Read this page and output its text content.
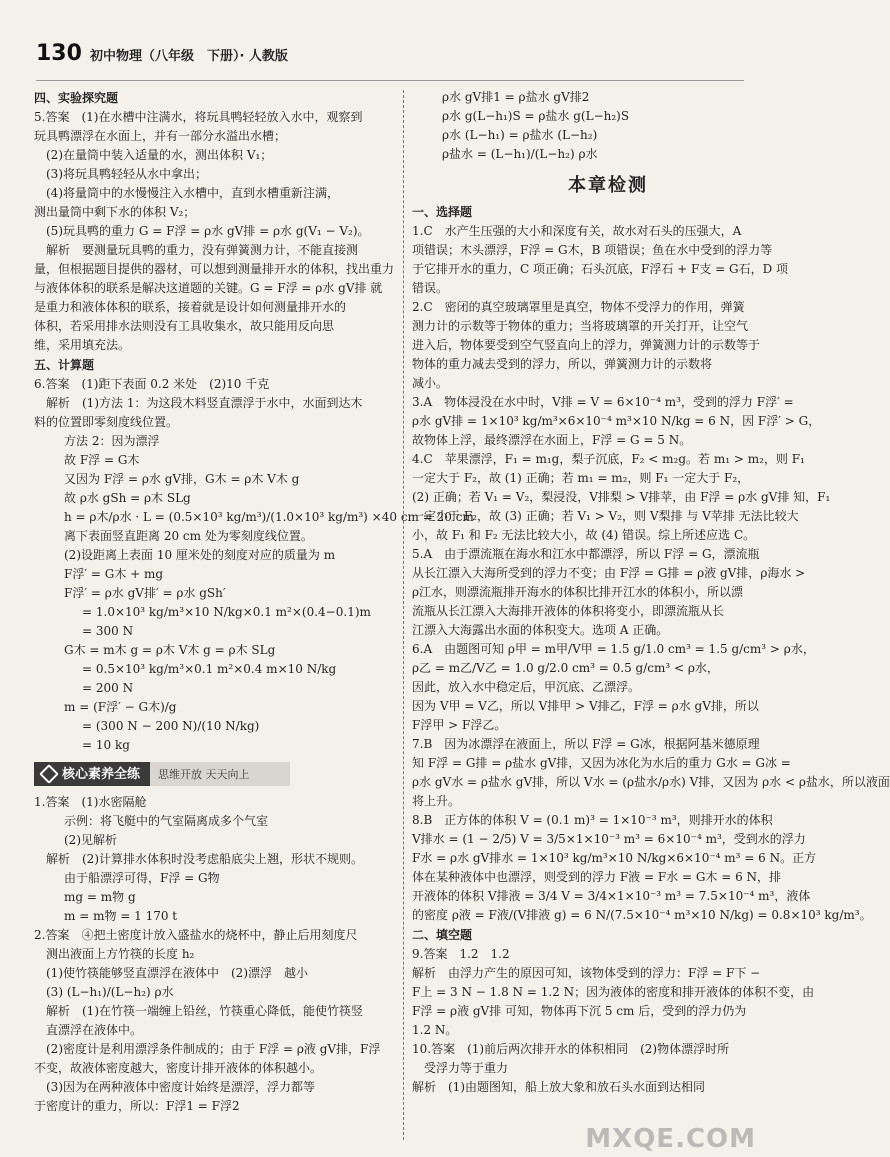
130 初中物理（八年级　下册）· 人教版
四、实验探究题
5.答案　(1)在水槽中注满水，将玩具鸭轻轻放入水中，观察到
玩具鸭漂浮在水面上，并有一部分水溢出水槽；
(2)在量筒中装入适量的水，测出体积 V₁；
(3)将玩具鸭轻轻从水中拿出；
(4)将量筒中的水慢慢注入水槽中，直到水槽重新注满，
测出量筒中剩下水的体积 V₂；
(5)玩具鸭的重力 G = F浮 = ρ水 gV排 = ρ水 g(V₁ − V₂)。
解析　要测量玩具鸭的重力，没有弹簧测力计，不能直接测
量，但根据题目提供的器材，可以想到测量排开水的体积，找出重力
与液体体积的联系是解决这道题的关键。G = F浮 = ρ水 gV排 就
是重力和液体体积的联系，接着就是设计如何测量排开水的
体积，若采用排水法则没有工具收集水，故只能用反向思
维，采用填充法。
五、计算题
6.答案　(1)距下表面 0.2 米处　(2)10 千克
解析　(1)方法 1：为这段木料竖直漂浮于水中，水面到达木
料的位置即零刻度线位置。
方法 2：因为漂浮
故 F浮 = G木
又因为 F浮 = ρ水 gV排，G木 = ρ木 V木 g
故 ρ水 gSh = ρ木 SLg
h = ρ木/ρ水 · L = (0.5×10³ kg/m³)/(1.0×10³ kg/m³) ×40 cm = 20 cm
离下表面竖直距离 20 cm 处为零刻度线位置。
(2)设距离上表面 10 厘米处的刻度对应的质量为 m
F浮′ = G木 + mg
F浮′ = ρ水 gV排′ = ρ水 gSh′
= 1.0×10³ kg/m³×10 N/kg×0.1 m²×(0.4−0.1)m
= 300 N
G木 = m木 g = ρ木 V木 g = ρ木 SLg
= 0.5×10³ kg/m³×0.1 m²×0.4 m×10 N/kg
= 200 N
m = (F浮′ − G木)/g
= (300 N − 200 N)/(10 N/kg)
= 10 kg
核心素养全练	思维开放 天天向上
1.答案　(1)水密隔舱
示例：将飞艇中的气室隔离成多个气室
(2)见解析
解析　(2)计算排水体积时没考虑船底尖上翘，形状不规则。
由于船漂浮可得，F浮 = G物
mg = m物 g
m = m物 = 1 170 t
2.答案　④把土密度计放入盛盐水的烧杯中，静止后用刻度尺
测出液面上方竹筷的长度 h₂
(1)使竹筷能够竖直漂浮在液体中　(2)漂浮　越小
(3) (L−h₁)/(L−h₂) ρ水
解析　(1)在竹筷一端缠上铅丝，竹筷重心降低，能使竹筷竖
直漂浮在液体中。
(2)密度计是利用漂浮条件制成的；由于 F浮 = ρ液 gV排，F浮
不变，故液体密度越大，密度计排开液体的体积越小。
(3)因为在两种液体中密度计始终是漂浮，浮力都等
于密度计的重力，所以：F浮1 = F浮2
ρ水 gV排1 = ρ盐水 gV排2
ρ水 g(L−h₁)S = ρ盐水 g(L−h₂)S
ρ水 (L−h₁) = ρ盐水 (L−h₂)
ρ盐水 = (L−h₁)/(L−h₂) ρ水
本章检测
一、选择题
1.C　水产生压强的大小和深度有关，故水对石头的压强大，A
项错误；木头漂浮，F浮 = G木，B 项错误；鱼在水中受到的浮力等
于它排开水的重力，C 项正确；石头沉底，F浮石 + F支 = G石，D 项
错误。
2.C　密闭的真空玻璃罩里是真空，物体不受浮力的作用，弹簧
测力计的示数等于物体的重力；当将玻璃罩的开关打开，让空气
进入后，物体要受到空气竖直向上的浮力，弹簧测力计的示数等于
物体的重力减去受到的浮力，所以，弹簧测力计的示数将
减小。
3.A　物体浸没在水中时，V排 = V = 6×10⁻⁴ m³，受到的浮力 F浮′ =
ρ水 gV排 = 1×10³ kg/m³×6×10⁻⁴ m³×10 N/kg = 6 N，因 F浮′ > G，
故物体上浮，最终漂浮在水面上，F浮 = G = 5 N。
4.C　苹果漂浮，F₁ = m₁g，梨子沉底，F₂ < m₂g。若 m₁ > m₂，则 F₁
一定大于 F₂，故 (1) 正确；若 m₁ = m₂，则 F₁ 一定大于 F₂，
(2) 正确；若 V₁ = V₂，梨浸没，V排梨 > V排苹，由 F浮 = ρ水 gV排 知，F₁
一定小于 F₂，故 (3) 正确；若 V₁ > V₂，则 V梨排 与 V苹排 无法比较大
小，故 F₁ 和 F₂ 无法比较大小，故 (4) 错误。综上所述应选 C。
5.A　由于漂流瓶在海水和江水中都漂浮，所以 F浮 = G，漂流瓶
从长江漂入大海所受到的浮力不变；由 F浮 = G排 = ρ液 gV排，ρ海水 >
ρ江水，则漂流瓶排开海水的体积比排开江水的体积小，所以漂
流瓶从长江漂入大海排开液体的体积将变小，即漂流瓶从长
江漂入大海露出水面的体积变大。选项 A 正确。
6.A　由题图可知 ρ甲 = m甲/V甲 = 1.5 g/1.0 cm³ = 1.5 g/cm³ > ρ水，
ρ乙 = m乙/V乙 = 1.0 g/2.0 cm³ = 0.5 g/cm³ < ρ水，
因此，放入水中稳定后，甲沉底、乙漂浮。
因为 V甲 = V乙，所以 V排甲 > V排乙，F浮 = ρ水 gV排，所以
F浮甲 > F浮乙。
7.B　因为冰漂浮在液面上，所以 F浮 = G冰，根据阿基米德原理
知 F浮 = G排 = ρ盐水 gV排，又因为冰化为水后的重力 G水 = G冰 =
ρ水 gV水 = ρ盐水 gV排，所以 V水 = (ρ盐水/ρ水) V排，又因为 ρ水 < ρ盐水，所以液面
将上升。
8.B　正方体的体积 V = (0.1 m)³ = 1×10⁻³ m³，则排开水的体积
V排水 = (1 − 2/5) V = 3/5×1×10⁻³ m³ = 6×10⁻⁴ m³，受到水的浮力
F水 = ρ水 gV排水 = 1×10³ kg/m³×10 N/kg×6×10⁻⁴ m³ = 6 N。正方
体在某种液体中也漂浮，则受到的浮力 F液 = F水 = G木 = 6 N，排
开液体的体积 V排液 = 3/4 V = 3/4×1×10⁻³ m³ = 7.5×10⁻⁴ m³，液体
的密度 ρ液 = F液/(V排液 g) = 6 N/(7.5×10⁻⁴ m³×10 N/kg) = 0.8×10³ kg/m³。
二、填空题
9.答案　1.2　1.2
解析　由浮力产生的原因可知，该物体受到的浮力：F浮 = F下 −
F上 = 3 N − 1.8 N = 1.2 N；因为液体的密度和排开液体的体积不变，由
F浮 = ρ液 gV排 可知，物体再下沉 5 cm 后，受到的浮力仍为
1.2 N。
10.答案　(1)前后两次排开水的体积相同　(2)物体漂浮时所
受浮力等于重力
解析　(1)由题图知，船上放大象和放石头水面到达相同
MXQE.COM
